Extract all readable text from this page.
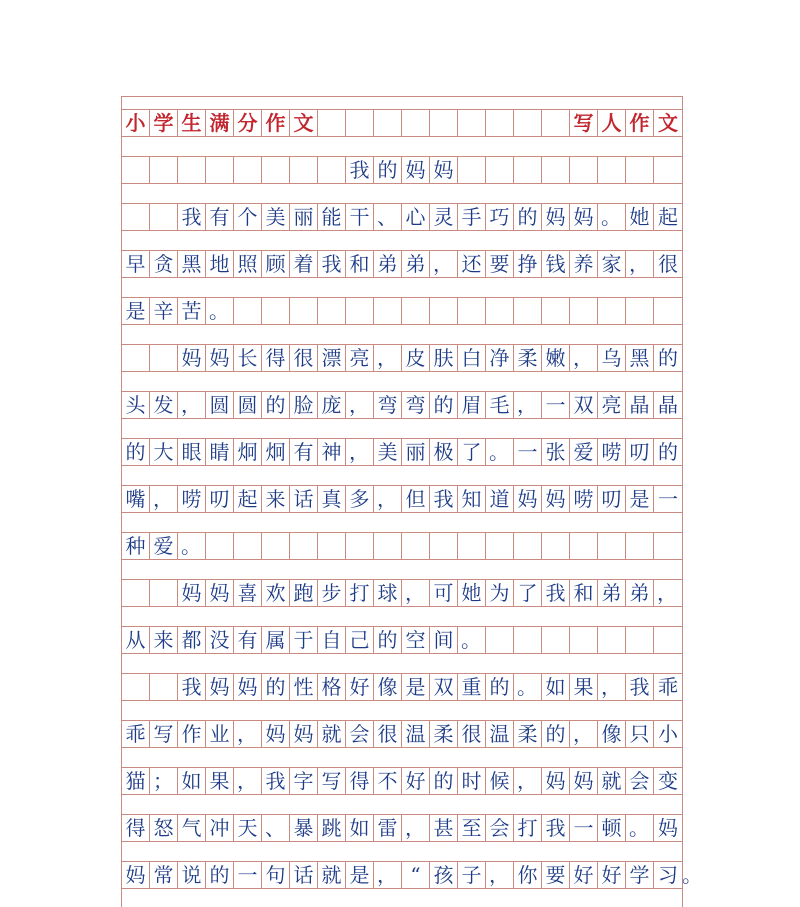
小 学 生 满 分 作 文	写 人 作 文
我 的 妈 妈
我 有 个 美 丽 能 干 、 心 灵 手 巧 的 妈 妈 。 她 起
早 贪 黑 地 照 顾 着 我 和 弟 弟 ， 还 要 挣 钱 养 家 ， 很
是 辛 苦 。
妈 妈 长 得 很 漂 亮 ， 皮 肤 白 净 柔 嫩 ， 乌 黑 的
头 发 ， 圆 圆 的 脸 庞 ， 弯 弯 的 眉 毛 ， 一 双 亮 晶 晶
的 大 眼 睛 炯 炯 有 神 ， 美 丽 极 了 。 一 张 爱 唠 叨 的
嘴 ， 唠 叨 起 来 话 真 多 ， 但 我 知 道 妈 妈 唠 叨 是 一
种 爱 。
妈 妈 喜 欢 跑 步 打 球 ， 可 她 为 了 我 和 弟 弟 ，
从 来 都 没 有 属 于 自 己 的 空 间 。
我 妈 妈 的 性 格 好 像 是 双 重 的 。 如 果 ， 我 乖
乖 写 作 业 ， 妈 妈 就 会 很 温 柔 很 温 柔 的 ， 像 只 小
猫 ； 如 果 ， 我 字 写 得 不 好 的 时 候 ， 妈 妈 就 会 变
得 怒 气 冲 天 、 暴 跳 如 雷 ， 甚 至 会 打 我 一 顿 。 妈
妈 常 说 的 一 句 话 就 是 ， “ 孩 子 ， 你 要 好 好 学 习 。
